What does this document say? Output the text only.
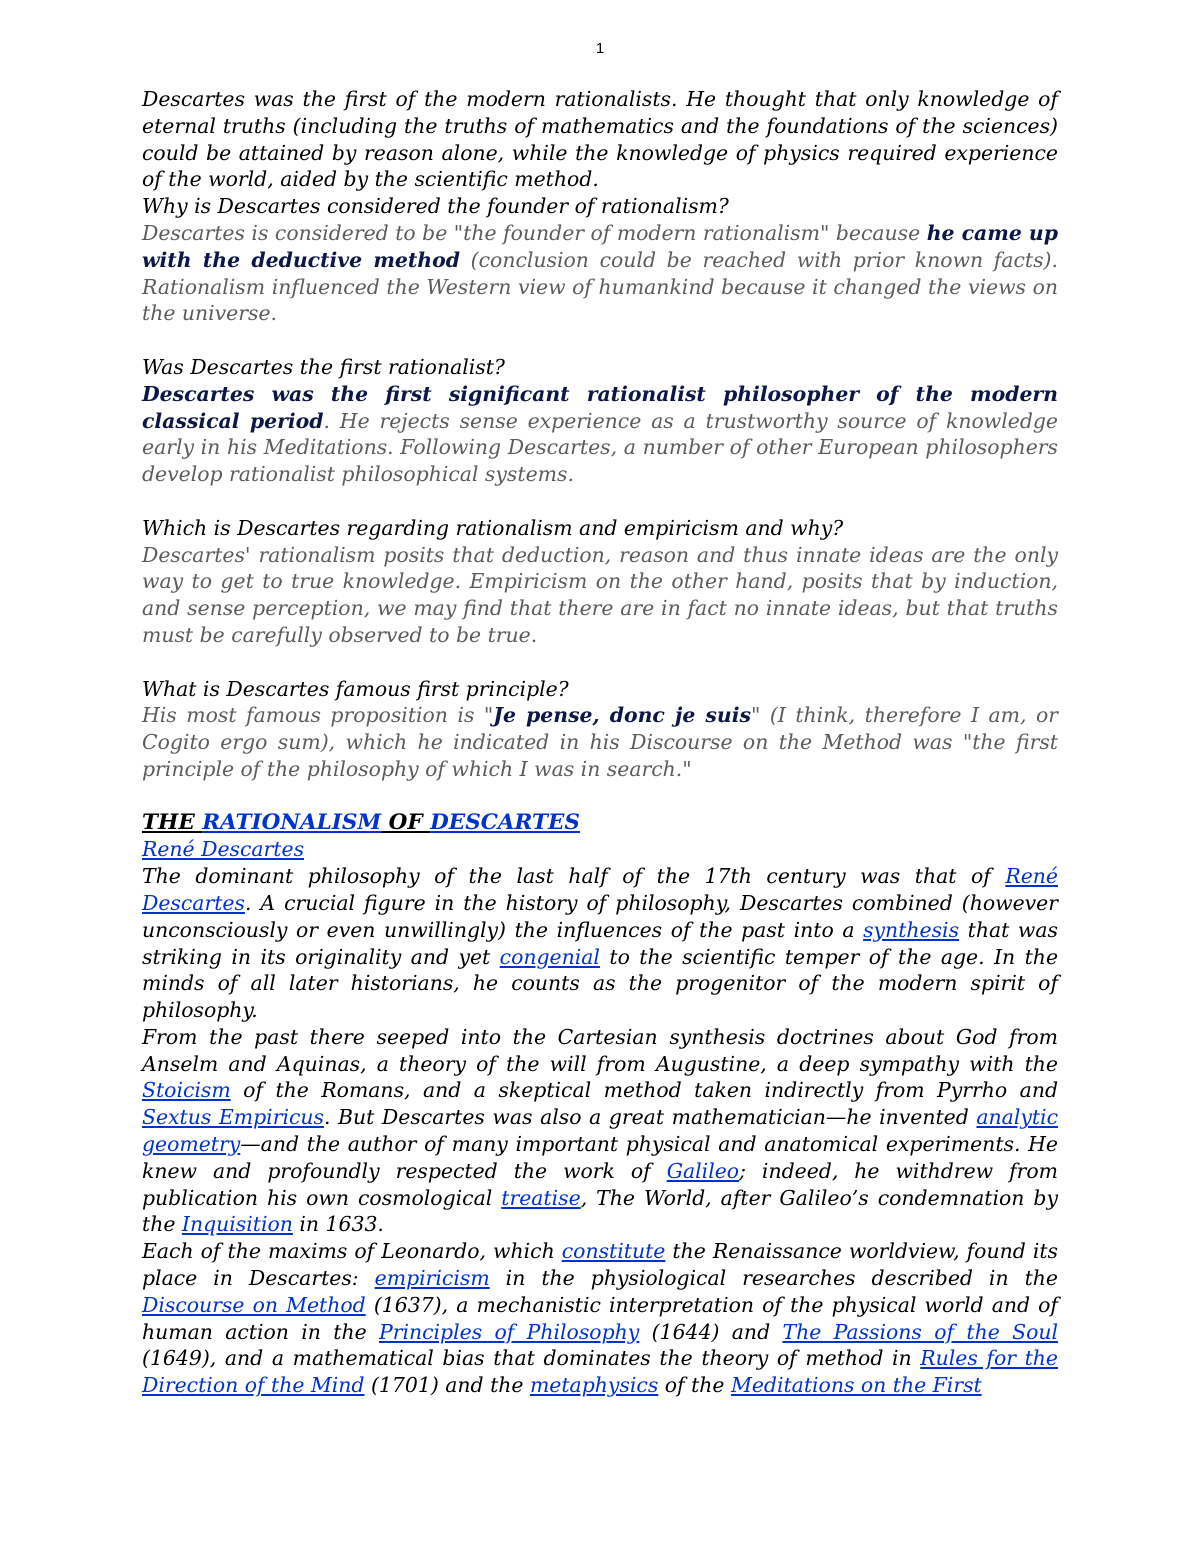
1

Descartes was the first of the modern rationalists. He thought that only knowledge of eternal truths (including the truths of mathematics and the foundations of the sciences) could be attained by reason alone, while the knowledge of physics required experience of the world, aided by the scientific method.

Why is Descartes considered the founder of rationalism?

Descartes is considered to be "the founder of modern rationalism" because he came up with the deductive method (conclusion could be reached with prior known facts). Rationalism influenced the Western view of humankind because it changed the views on the universe.

Was Descartes the first rationalist?

Descartes was the first significant rationalist philosopher of the modern classical period. He rejects sense experience as a trustworthy source of knowledge early in his Meditations. Following Descartes, a number of other European philosophers develop rationalist philosophical systems.

Which is Descartes regarding rationalism and empiricism and why?

Descartes' rationalism posits that deduction, reason and thus innate ideas are the only way to get to true knowledge. Empiricism on the other hand, posits that by induction, and sense perception, we may find that there are in fact no innate ideas, but that truths must be carefully observed to be true.

What is Descartes famous first principle?

His most famous proposition is "Je pense, donc je suis" (I think, therefore I am, or Cogito ergo sum), which he indicated in his Discourse on the Method was "the first principle of the philosophy of which I was in search."

THE RATIONALISM OF DESCARTES

René Descartes

The dominant philosophy of the last half of the 17th century was that of René Descartes. A crucial figure in the history of philosophy, Descartes combined (however unconsciously or even unwillingly) the influences of the past into a synthesis that was striking in its originality and yet congenial to the scientific temper of the age. In the minds of all later historians, he counts as the progenitor of the modern spirit of philosophy.

From the past there seeped into the Cartesian synthesis doctrines about God from Anselm and Aquinas, a theory of the will from Augustine, a deep sympathy with the Stoicism of the Romans, and a skeptical method taken indirectly from Pyrrho and Sextus Empiricus. But Descartes was also a great mathematician—he invented analytic geometry—and the author of many important physical and anatomical experiments. He knew and profoundly respected the work of Galileo; indeed, he withdrew from publication his own cosmological treatise, The World, after Galileo’s condemnation by the Inquisition in 1633.

Each of the maxims of Leonardo, which constitute the Renaissance worldview, found its place in Descartes: empiricism in the physiological researches described in the Discourse on Method (1637), a mechanistic interpretation of the physical world and of human action in the Principles of Philosophy (1644) and The Passions of the Soul (1649), and a mathematical bias that dominates the theory of method in Rules for the Direction of the Mind (1701) and the metaphysics of the Meditations on the First
